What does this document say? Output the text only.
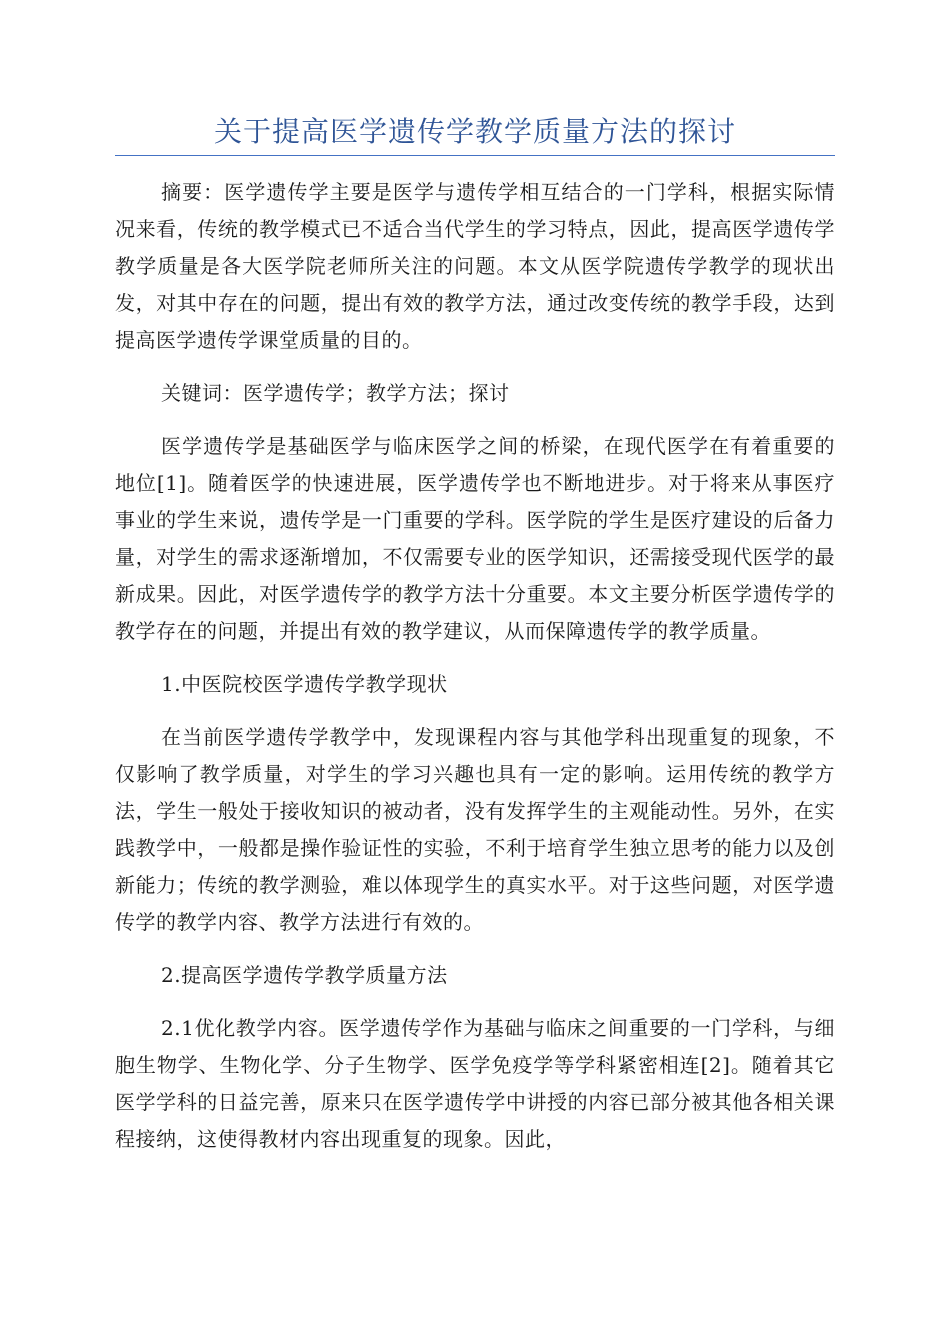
关于提高医学遗传学教学质量方法的探讨

摘要：医学遗传学主要是医学与遗传学相互结合的一门学科，根据实际情况来看，传统的教学模式已不适合当代学生的学习特点，因此，提高医学遗传学教学质量是各大医学院老师所关注的问题。本文从医学院遗传学教学的现状出发，对其中存在的问题，提出有效的教学方法，通过改变传统的教学手段，达到提高医学遗传学课堂质量的目的。

关键词：医学遗传学；教学方法；探讨

医学遗传学是基础医学与临床医学之间的桥梁，在现代医学在有着重要的地位[1]。随着医学的快速进展，医学遗传学也不断地进步。对于将来从事医疗事业的学生来说，遗传学是一门重要的学科。医学院的学生是医疗建设的后备力量，对学生的需求逐渐增加，不仅需要专业的医学知识，还需接受现代医学的最新成果。因此，对医学遗传学的教学方法十分重要。本文主要分析医学遗传学的教学存在的问题，并提出有效的教学建议，从而保障遗传学的教学质量。

1.中医院校医学遗传学教学现状

在当前医学遗传学教学中，发现课程内容与其他学科出现重复的现象，不仅影响了教学质量，对学生的学习兴趣也具有一定的影响。运用传统的教学方法，学生一般处于接收知识的被动者，没有发挥学生的主观能动性。另外，在实践教学中，一般都是操作验证性的实验，不利于培育学生独立思考的能力以及创新能力；传统的教学测验，难以体现学生的真实水平。对于这些问题，对医学遗传学的教学内容、教学方法进行有效的。

2.提高医学遗传学教学质量方法

2.1优化教学内容。医学遗传学作为基础与临床之间重要的一门学科，与细胞生物学、生物化学、分子生物学、医学免疫学等学科紧密相连[2]。随着其它医学学科的日益完善，原来只在医学遗传学中讲授的内容已部分被其他各相关课程接纳，这使得教材内容出现重复的现象。因此，
